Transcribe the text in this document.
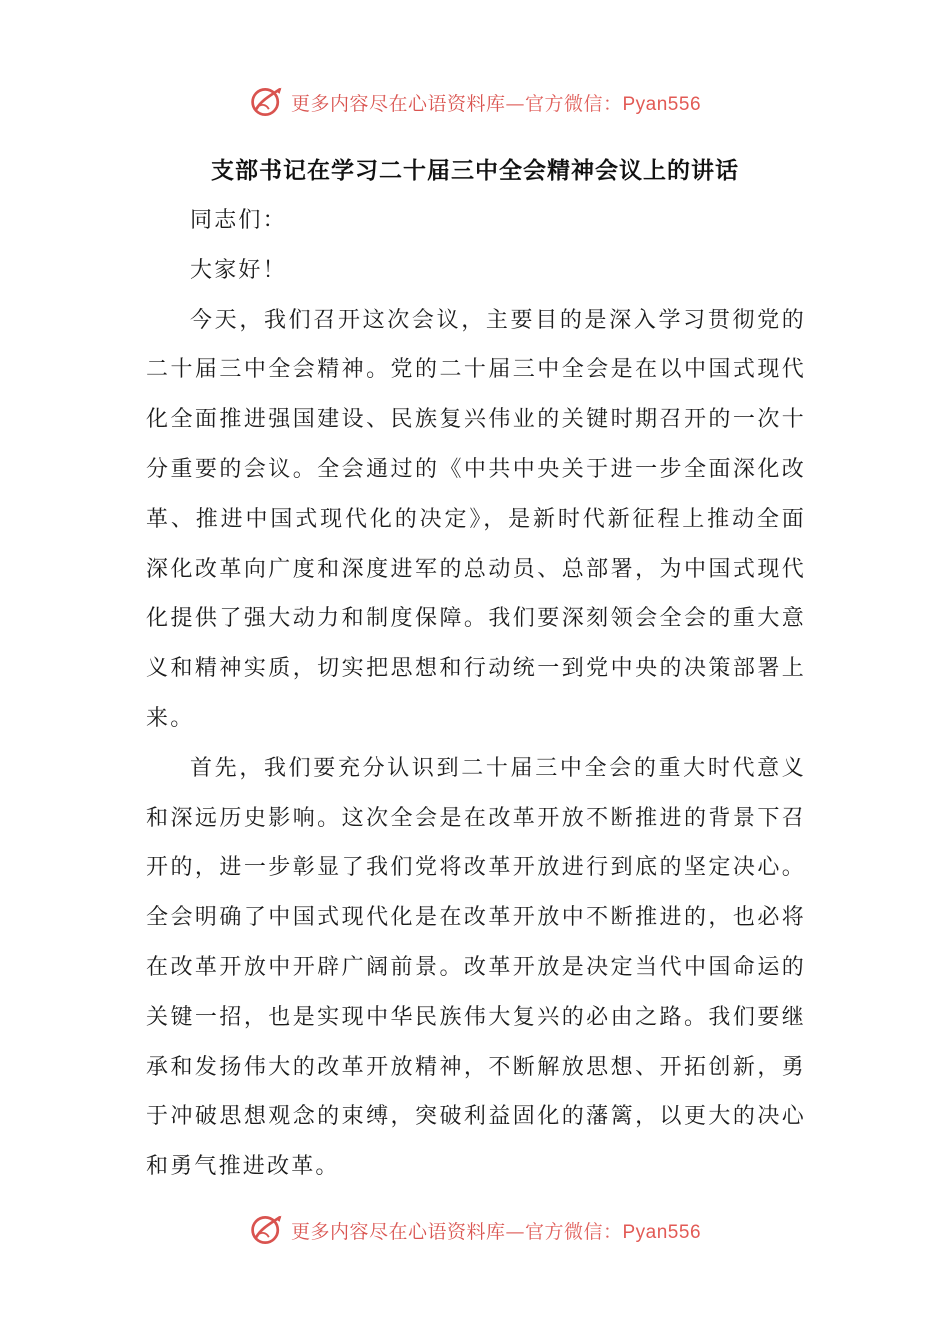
更多内容尽在心语资料库—官方微信：Pyan556
支部书记在学习二十届三中全会精神会议上的讲话

同志们：

大家好！

今天，我们召开这次会议，主要目的是深入学习贯彻党的二十届三中全会精神。党的二十届三中全会是在以中国式现代化全面推进强国建设、民族复兴伟业的关键时期召开的一次十分重要的会议。全会通过的《中共中央关于进一步全面深化改革、推进中国式现代化的决定》，是新时代新征程上推动全面深化改革向广度和深度进军的总动员、总部署，为中国式现代化提供了强大动力和制度保障。我们要深刻领会全会的重大意义和精神实质，切实把思想和行动统一到党中央的决策部署上来。

首先，我们要充分认识到二十届三中全会的重大时代意义和深远历史影响。这次全会是在改革开放不断推进的背景下召开的，进一步彰显了我们党将改革开放进行到底的坚定决心。全会明确了中国式现代化是在改革开放中不断推进的，也必将在改革开放中开辟广阔前景。改革开放是决定当代中国命运的关键一招，也是实现中华民族伟大复兴的必由之路。我们要继承和发扬伟大的改革开放精神，不断解放思想、开拓创新，勇于冲破思想观念的束缚，突破利益固化的藩篱，以更大的决心和勇气推进改革。

更多内容尽在心语资料库—官方微信：Pyan556
